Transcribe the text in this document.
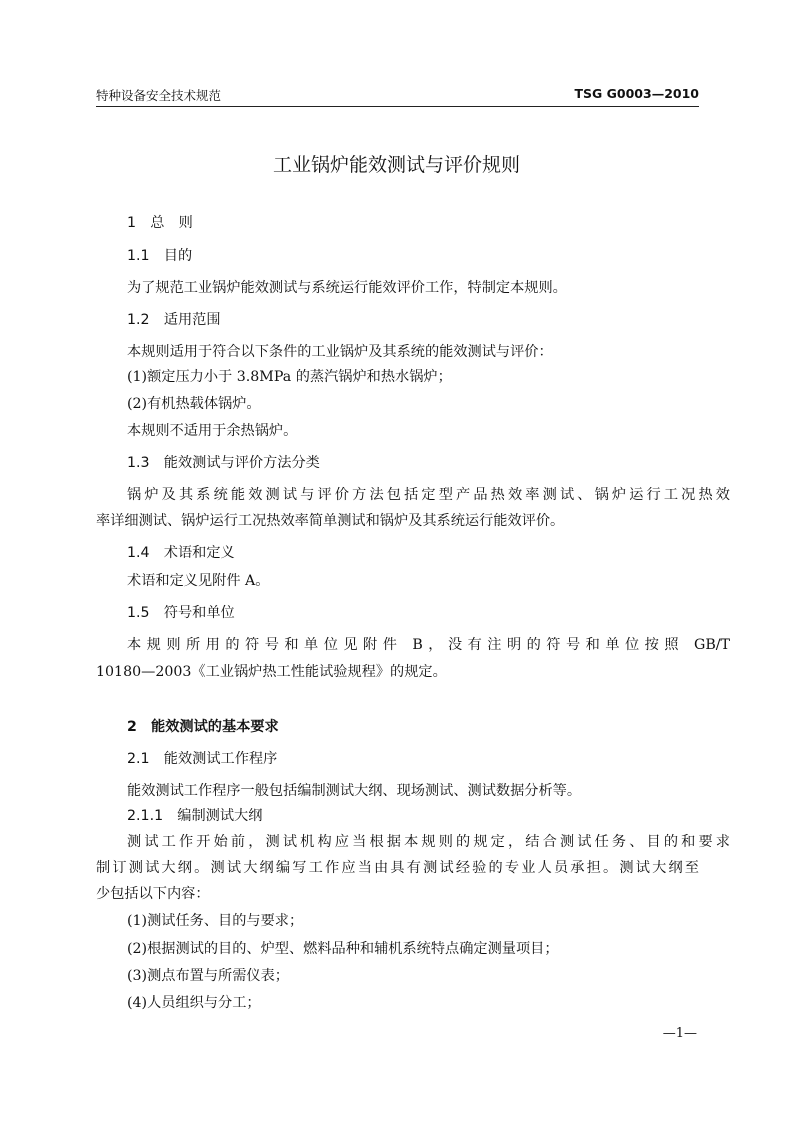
特种设备安全技术规范	TSG G0003—2010
工业锅炉能效测试与评价规则
1　总　则
1.1　目的
为了规范工业锅炉能效测试与系统运行能效评价工作，特制定本规则。
1.2　适用范围
本规则适用于符合以下条件的工业锅炉及其系统的能效测试与评价：
(1)额定压力小于 3.8MPa 的蒸汽锅炉和热水锅炉；
(2)有机热载体锅炉。
本规则不适用于余热锅炉。
1.3　能效测试与评价方法分类
锅炉及其系统能效测试与评价方法包括定型产品热效率测试、锅炉运行工况热效
率详细测试、锅炉运行工况热效率简单测试和锅炉及其系统运行能效评价。
1.4　术语和定义
术语和定义见附件 A。
1.5　符号和单位
本规则所用的符号和单位见附件 B，没有注明的符号和单位按照 GB/T
10180—2003《工业锅炉热工性能试验规程》的规定。
2　能效测试的基本要求
2.1　能效测试工作程序
能效测试工作程序一般包括编制测试大纲、现场测试、测试数据分析等。
2.1.1　编制测试大纲
测试工作开始前，测试机构应当根据本规则的规定，结合测试任务、目的和要求
制订测试大纲。测试大纲编写工作应当由具有测试经验的专业人员承担。测试大纲至
少包括以下内容：
(1)测试任务、目的与要求；
(2)根据测试的目的、炉型、燃料品种和辅机系统特点确定测量项目；
(3)测点布置与所需仪表；
(4)人员组织与分工；
—1—
